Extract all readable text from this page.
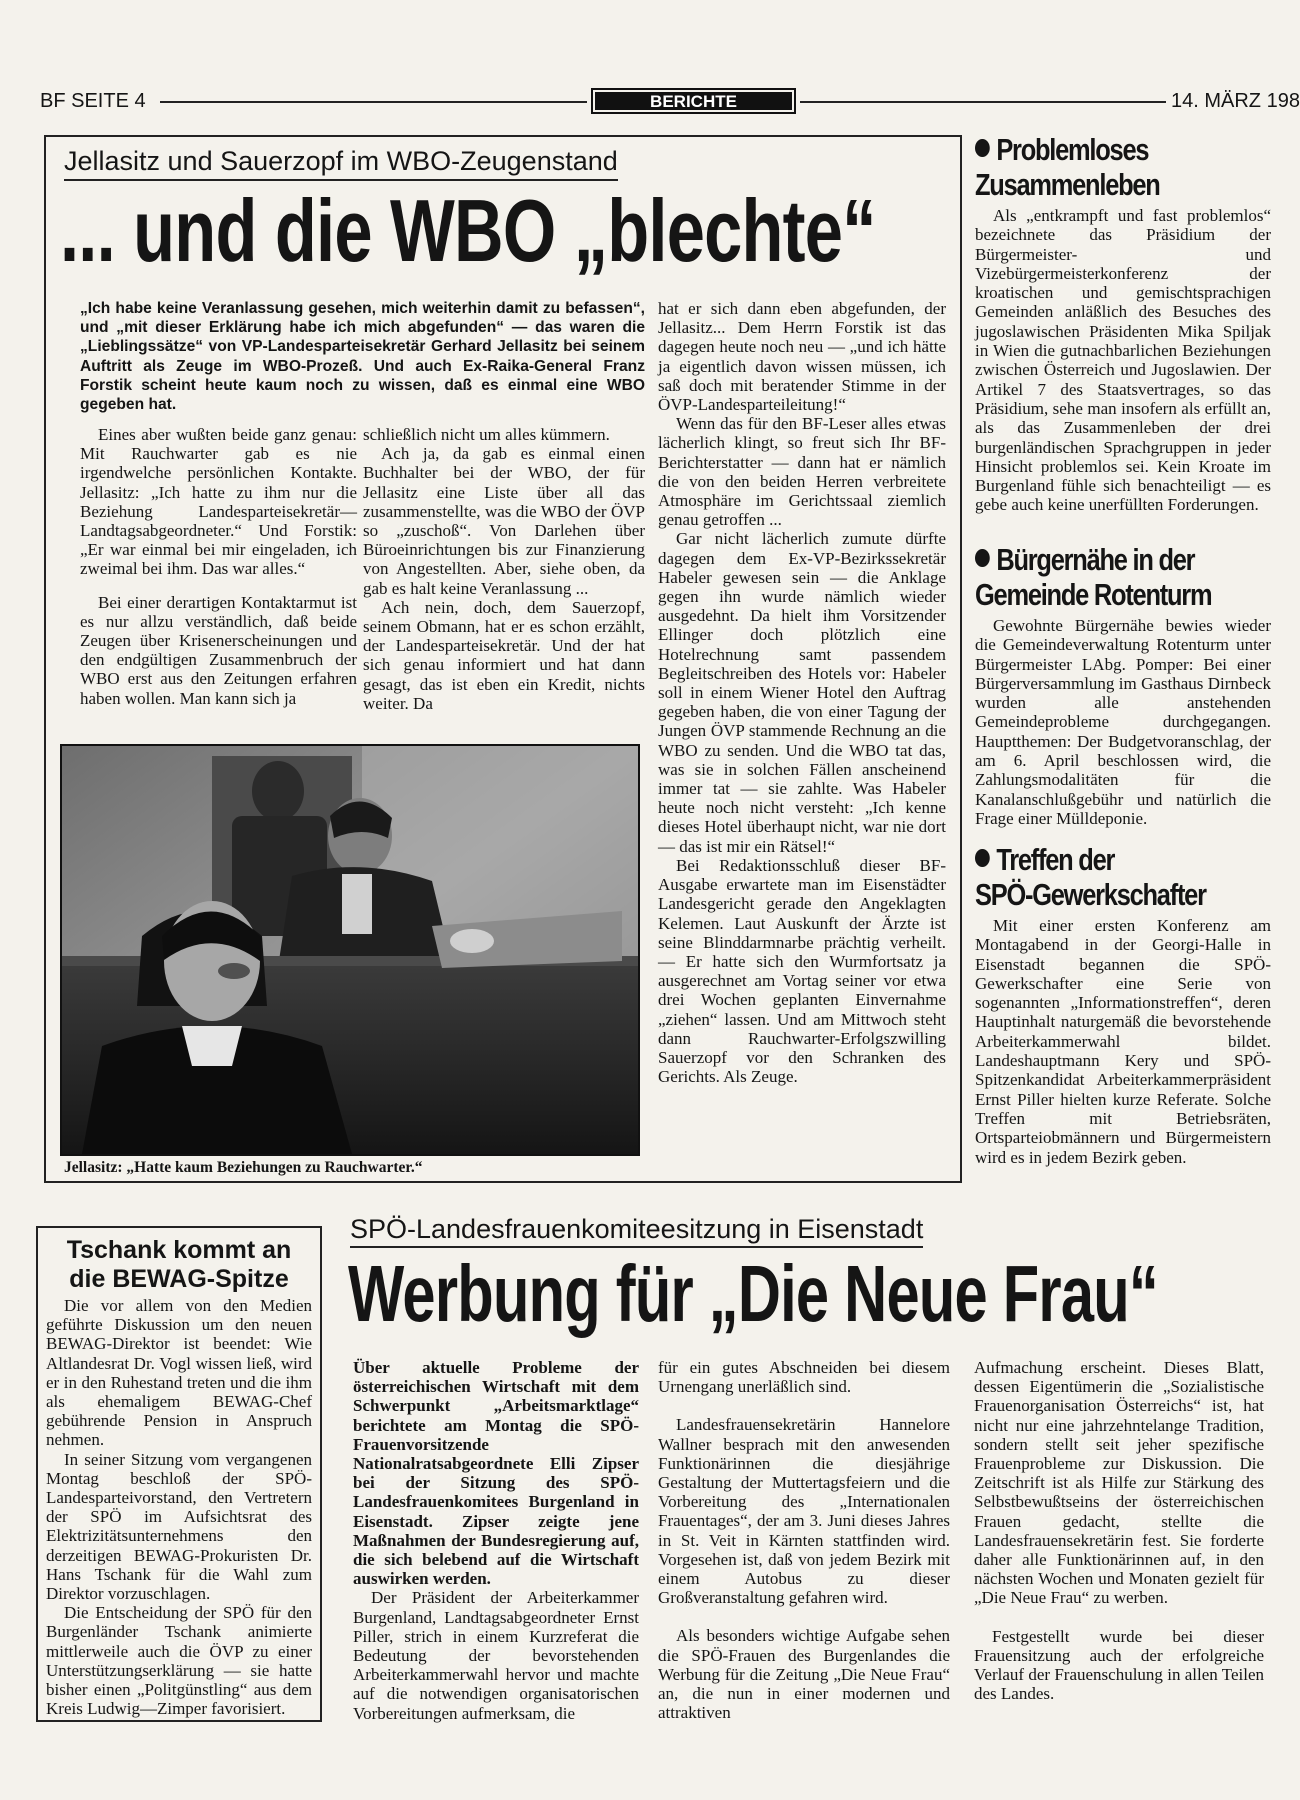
BF SEITE 4	BERICHTE	14. MÄRZ 198
Jellasitz und Sauerzopf im WBO-Zeugenstand
... und die WBO „blechte“

„Ich habe keine Veranlassung gesehen, mich weiterhin damit zu befassen“, und „mit dieser Erklärung habe ich mich abgefunden“ — das waren die „Lieblingssätze“ von VP-Landesparteisekretär Gerhard Jellasitz bei seinem Auftritt als Zeuge im WBO-Prozeß. Und auch Ex-Raika-General Franz Forstik scheint heute kaum noch zu wissen, daß es einmal eine WBO gegeben hat.

Eines aber wußten beide ganz genau: Mit Rauchwarter gab es nie irgendwelche persönlichen Kontakte. Jellasitz: „Ich hatte zu ihm nur die Beziehung Landesparteisekretär—Landtagsabgeordneter.“ Und Forstik: „Er war einmal bei mir eingeladen, ich zweimal bei ihm. Das war alles.“

Bei einer derartigen Kontaktarmut ist es nur allzu verständlich, daß beide Zeugen über Krisenerscheinungen und den endgültigen Zusammenbruch der WBO erst aus den Zeitungen erfahren haben wollen. Man kann sich ja

schließlich nicht um alles kümmern.

Ach ja, da gab es einmal einen Buchhalter bei der WBO, der für Jellasitz eine Liste über all das zusammenstellte, was die WBO der ÖVP so „zuschoß“. Von Darlehen über Büroeinrichtungen bis zur Finanzierung von Angestellten. Aber, siehe oben, da gab es halt keine Veranlassung ...

Ach nein, doch, dem Sauerzopf, seinem Obmann, hat er es schon erzählt, der Landesparteisekretär. Und der hat sich genau informiert und hat dann gesagt, das ist eben ein Kredit, nichts weiter. Da

hat er sich dann eben abgefunden, der Jellasitz... Dem Herrn Forstik ist das dagegen heute noch neu — „und ich hätte ja eigentlich davon wissen müssen, ich saß doch mit beratender Stimme in der ÖVP-Landesparteileitung!“

Wenn das für den BF-Leser alles etwas lächerlich klingt, so freut sich Ihr BF-Berichterstatter — dann hat er nämlich die von den beiden Herren verbreitete Atmosphäre im Gerichtssaal ziemlich genau getroffen ...

Gar nicht lächerlich zumute dürfte dagegen dem Ex-VP-Bezirkssekretär Habeler gewesen sein — die Anklage gegen ihn wurde nämlich wieder ausgedehnt. Da hielt ihm Vorsitzender Ellinger doch plötzlich eine Hotelrechnung samt passendem Begleitschreiben des Hotels vor: Habeler soll in einem Wiener Hotel den Auftrag gegeben haben, die von einer Tagung der Jungen ÖVP stammende Rechnung an die WBO zu senden. Und die WBO tat das, was sie in solchen Fällen anscheinend immer tat — sie zahlte. Was Habeler heute noch nicht versteht: „Ich kenne dieses Hotel überhaupt nicht, war nie dort — das ist mir ein Rätsel!“

Bei Redaktionsschluß dieser BF-Ausgabe erwartete man im Eisenstädter Landesgericht gerade den Angeklagten Kelemen. Laut Auskunft der Ärzte ist seine Blinddarmnarbe prächtig verheilt. — Er hatte sich den Wurmfortsatz ja ausgerechnet am Vortag seiner vor etwa drei Wochen geplanten Einvernahme „ziehen“ lassen. Und am Mittwoch steht dann Rauchwarter-Erfolgszwilling Sauerzopf vor den Schranken des Gerichts. Als Zeuge.

Jellasitz: „Hatte kaum Beziehungen zu Rauchwarter.“
Problemloses
Zusammenleben

Als „entkrampft und fast problemlos“ bezeichnete das Präsidium der Bürgermeister- und Vizebürgermeisterkonferenz der kroatischen und gemischtsprachigen Gemeinden anläßlich des Besuches des jugoslawischen Präsidenten Mika Spiljak in Wien die gutnachbarlichen Beziehungen zwischen Österreich und Jugoslawien. Der Artikel 7 des Staatsvertrages, so das Präsidium, sehe man insofern als erfüllt an, als das Zusammenleben der drei burgenländischen Sprachgruppen in jeder Hinsicht problemlos sei. Kein Kroate im Burgenland fühle sich benachteiligt — es gebe auch keine unerfüllten Forderungen.

Bürgernähe in der
Gemeinde Rotenturm

Gewohnte Bürgernähe bewies wieder die Gemeindeverwaltung Rotenturm unter Bürgermeister LAbg. Pomper: Bei einer Bürgerversammlung im Gasthaus Dirnbeck wurden alle anstehenden Gemeindeprobleme durchgegangen. Hauptthemen: Der Budgetvoranschlag, der am 6. April beschlossen wird, die Zahlungsmodalitäten für die Kanalanschlußgebühr und natürlich die Frage einer Mülldeponie.

Treffen der
SPÖ-Gewerkschafter

Mit einer ersten Konferenz am Montagabend in der Georgi-Halle in Eisenstadt begannen die SPÖ-Gewerkschafter eine Serie von sogenannten „Informationstreffen“, deren Hauptinhalt naturgemäß die bevorstehende Arbeiterkammerwahl bildet. Landeshauptmann Kery und SPÖ-Spitzenkandidat Arbeiterkammerpräsident Ernst Piller hielten kurze Referate. Solche Treffen mit Betriebsräten, Ortsparteiobmännern und Bürgermeistern wird es in jedem Bezirk geben.

Tschank kommt an
die BEWAG-Spitze

Die vor allem von den Medien geführte Diskussion um den neuen BEWAG-Direktor ist beendet: Wie Altlandesrat Dr. Vogl wissen ließ, wird er in den Ruhestand treten und die ihm als ehemaligem BEWAG-Chef gebührende Pension in Anspruch nehmen.

In seiner Sitzung vom vergangenen Montag beschloß der SPÖ-Landesparteivorstand, den Vertretern der SPÖ im Aufsichtsrat des Elektrizitätsunternehmens den derzeitigen BEWAG-Prokuristen Dr. Hans Tschank für die Wahl zum Direktor vorzuschlagen.

Die Entscheidung der SPÖ für den Burgenländer Tschank animierte mittlerweile auch die ÖVP zu einer Unterstützungserklärung — sie hatte bisher einen „Politgünstling“ aus dem Kreis Ludwig—Zimper favorisiert.

SPÖ-Landesfrauenkomiteesitzung in Eisenstadt
Werbung für „Die Neue Frau“

Über aktuelle Probleme der österreichischen Wirtschaft mit dem Schwerpunkt „Arbeitsmarktlage“ berichtete am Montag die SPÖ-Frauenvorsitzende Nationalratsabgeordnete Elli Zipser bei der Sitzung des SPÖ-Landesfrauenkomitees Burgenland in Eisenstadt. Zipser zeigte jene Maßnahmen der Bundesregierung auf, die sich belebend auf die Wirtschaft auswirken werden.

Der Präsident der Arbeiterkammer Burgenland, Landtagsabgeordneter Ernst Piller, strich in einem Kurzreferat die Bedeutung der bevorstehenden Arbeiterkammerwahl hervor und machte auf die notwendigen organisatorischen Vorbereitungen aufmerksam, die

für ein gutes Abschneiden bei diesem Urnengang unerläßlich sind.

Landesfrauensekretärin Hannelore Wallner besprach mit den anwesenden Funktionärinnen die diesjährige Gestaltung der Muttertagsfeiern und die Vorbereitung des „Internationalen Frauentages“, der am 3. Juni dieses Jahres in St. Veit in Kärnten stattfinden wird. Vorgesehen ist, daß von jedem Bezirk mit einem Autobus zu dieser Großveranstaltung gefahren wird.

Als besonders wichtige Aufgabe sehen die SPÖ-Frauen des Burgenlandes die Werbung für die Zeitung „Die Neue Frau“ an, die nun in einer modernen und attraktiven

Aufmachung erscheint. Dieses Blatt, dessen Eigentümerin die „Sozialistische Frauenorganisation Österreichs“ ist, hat nicht nur eine jahrzehntelange Tradition, sondern stellt seit jeher spezifische Frauenprobleme zur Diskussion. Die Zeitschrift ist als Hilfe zur Stärkung des Selbstbewußtseins der österreichischen Frauen gedacht, stellte die Landesfrauensekretärin fest. Sie forderte daher alle Funktionärinnen auf, in den nächsten Wochen und Monaten gezielt für „Die Neue Frau“ zu werben.

Festgestellt wurde bei dieser Frauensitzung auch der erfolgreiche Verlauf der Frauenschulung in allen Teilen des Landes.
